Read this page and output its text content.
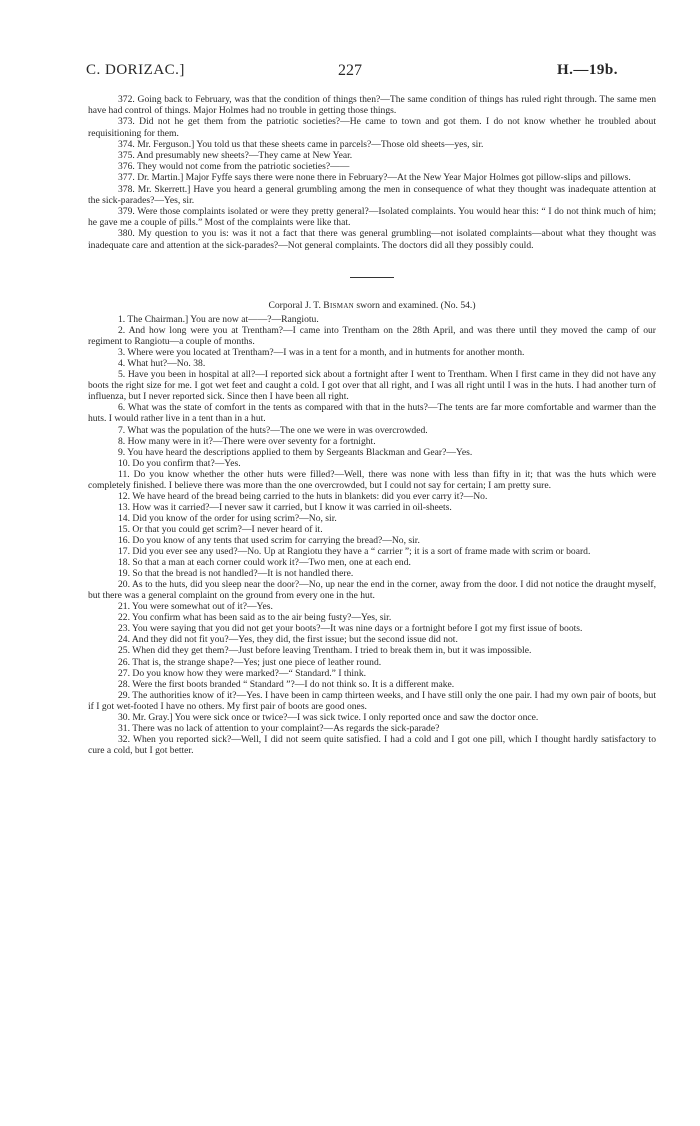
C. DORIZAC.]	227	H.—19b.

372. Going back to February, was that the condition of things then?—The same condition of things has ruled right through. The same men have had control of things. Major Holmes had no trouble in getting those things.

373. Did not he get them from the patriotic societies?—He came to town and got them. I do not know whether he troubled about requisitioning for them.

374. Mr. Ferguson.] You told us that these sheets came in parcels?—Those old sheets—yes, sir.

375. And presumably new sheets?—They came at New Year.

376. They would not come from the patriotic societies?——

377. Dr. Martin.] Major Fyffe says there were none there in February?—At the New Year Major Holmes got pillow-slips and pillows.

378. Mr. Skerrett.] Have you heard a general grumbling among the men in consequence of what they thought was inadequate attention at the sick-parades?—Yes, sir.

379. Were those complaints isolated or were they pretty general?—Isolated complaints. You would hear this: “ I do not think much of him; he gave me a couple of pills.” Most of the complaints were like that.

380. My question to you is: was it not a fact that there was general grumbling—not isolated complaints—about what they thought was inadequate care and attention at the sick-parades?—Not general complaints. The doctors did all they possibly could.

Corporal J. T. Bisman sworn and examined. (No. 54.)

1. The Chairman.] You are now at——?—Rangiotu.

2. And how long were you at Trentham?—I came into Trentham on the 28th April, and was there until they moved the camp of our regiment to Rangiotu—a couple of months.

3. Where were you located at Trentham?—I was in a tent for a month, and in hutments for another month.

4. What hut?—No. 38.

5. Have you been in hospital at all?—I reported sick about a fortnight after I went to Trentham. When I first came in they did not have any boots the right size for me. I got wet feet and caught a cold. I got over that all right, and I was all right until I was in the huts. I had another turn of influenza, but I never reported sick. Since then I have been all right.

6. What was the state of comfort in the tents as compared with that in the huts?—The tents are far more comfortable and warmer than the huts. I would rather live in a tent than in a hut.

7. What was the population of the huts?—The one we were in was overcrowded.

8. How many were in it?—There were over seventy for a fortnight.

9. You have heard the descriptions applied to them by Sergeants Blackman and Gear?—Yes.

10. Do you confirm that?—Yes.

11. Do you know whether the other huts were filled?—Well, there was none with less than fifty in it; that was the huts which were completely finished. I believe there was more than the one overcrowded, but I could not say for certain; I am pretty sure.

12. We have heard of the bread being carried to the huts in blankets: did you ever carry it?—No.

13. How was it carried?—I never saw it carried, but I know it was carried in oil-sheets.

14. Did you know of the order for using scrim?—No, sir.

15. Or that you could get scrim?—I never heard of it.

16. Do you know of any tents that used scrim for carrying the bread?—No, sir.

17. Did you ever see any used?—No. Up at Rangiotu they have a “ carrier ”; it is a sort of frame made with scrim or board.

18. So that a man at each corner could work it?—Two men, one at each end.

19. So that the bread is not handled?—It is not handled there.

20. As to the huts, did you sleep near the door?—No, up near the end in the corner, away from the door. I did not notice the draught myself, but there was a general complaint on the ground from every one in the hut.

21. You were somewhat out of it?—Yes.

22. You confirm what has been said as to the air being fusty?—Yes, sir.

23. You were saying that you did not get your boots?—It was nine days or a fortnight before I got my first issue of boots.

24. And they did not fit you?—Yes, they did, the first issue; but the second issue did not.

25. When did they get them?—Just before leaving Trentham. I tried to break them in, but it was impossible.

26. That is, the strange shape?—Yes; just one piece of leather round.

27. Do you know how they were marked?—“ Standard.” I think.

28. Were the first boots branded “ Standard ”?—I do not think so. It is a different make.

29. The authorities know of it?—Yes. I have been in camp thirteen weeks, and I have still only the one pair. I had my own pair of boots, but if I got wet-footed I have no others. My first pair of boots are good ones.

30. Mr. Gray.] You were sick once or twice?—I was sick twice. I only reported once and saw the doctor once.

31. There was no lack of attention to your complaint?—As regards the sick-parade?

32. When you reported sick?—Well, I did not seem quite satisfied. I had a cold and I got one pill, which I thought hardly satisfactory to cure a cold, but I got better.
